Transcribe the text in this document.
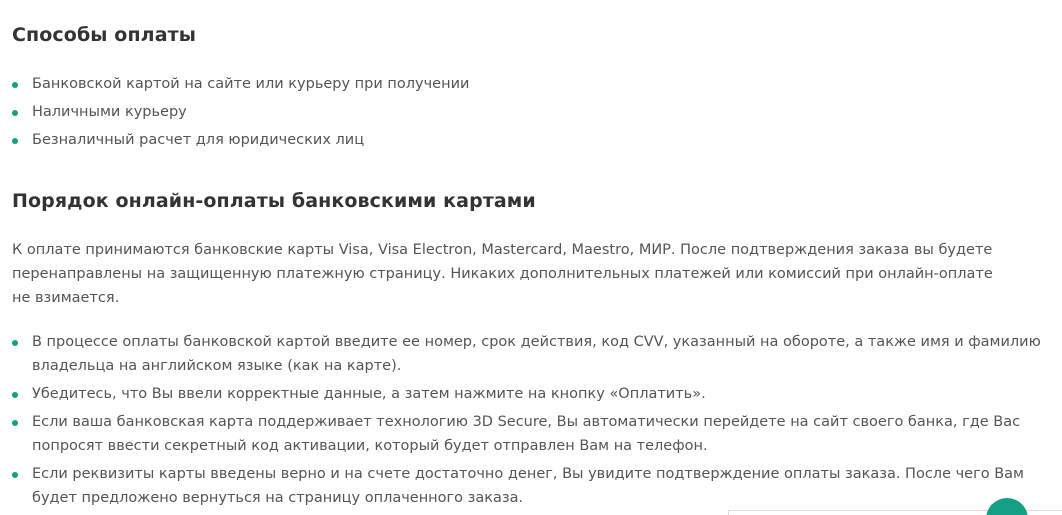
Способы оплаты
Банковской картой на сайте или курьеру при получении
Наличными курьеру
Безналичный расчет для юридических лиц
Порядок онлайн-оплаты банковскими картами

К оплате принимаются банковские карты Visa, Visa Electron, Mastercard, Maestro, МИР. После подтверждения заказа вы будете перенаправлены на защищенную платежную страницу. Никаких дополнительных платежей или комиссий при онлайн-оплате не взимается.

В процессе оплаты банковской картой введите ее номер, срок действия, код CVV, указанный на обороте, а также имя и фамилию владельца на английском языке (как на карте).
Убедитесь, что Вы ввели корректные данные, а затем нажмите на кнопку «Оплатить».
Если ваша банковская карта поддерживает технологию 3D Secure, Вы автоматически перейдете на сайт своего банка, где Вас попросят ввести секретный код активации, который будет отправлен Вам на телефон.
Если реквизиты карты введены верно и на счете достаточно денег, Вы увидите подтверждение оплаты заказа. После чего Вам будет предложено вернуться на страницу оплаченного заказа.
